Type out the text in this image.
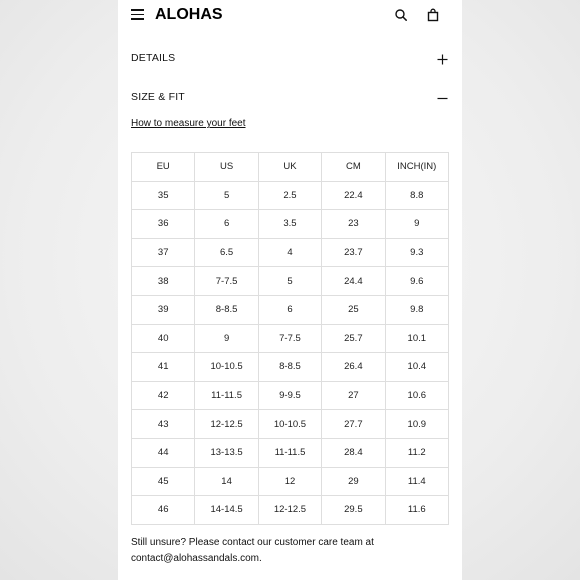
ALOHAS
DETAILS
SIZE & FIT
How to measure your feet
EU	US	UK	CM	INCH(IN)
35	5	2.5	22.4	8.8
36	6	3.5	23	9
37	6.5	4	23.7	9.3
38	7-7.5	5	24.4	9.6
39	8-8.5	6	25	9.8
40	9	7-7.5	25.7	10.1
41	10-10.5	8-8.5	26.4	10.4
42	11-11.5	9-9.5	27	10.6
43	12-12.5	10-10.5	27.7	10.9
44	13-13.5	11-11.5	28.4	11.2
45	14	12	29	11.4
46	14-14.5	12-12.5	29.5	11.6
Still unsure? Please contact our customer care team at
contact@alohassandals.com.
